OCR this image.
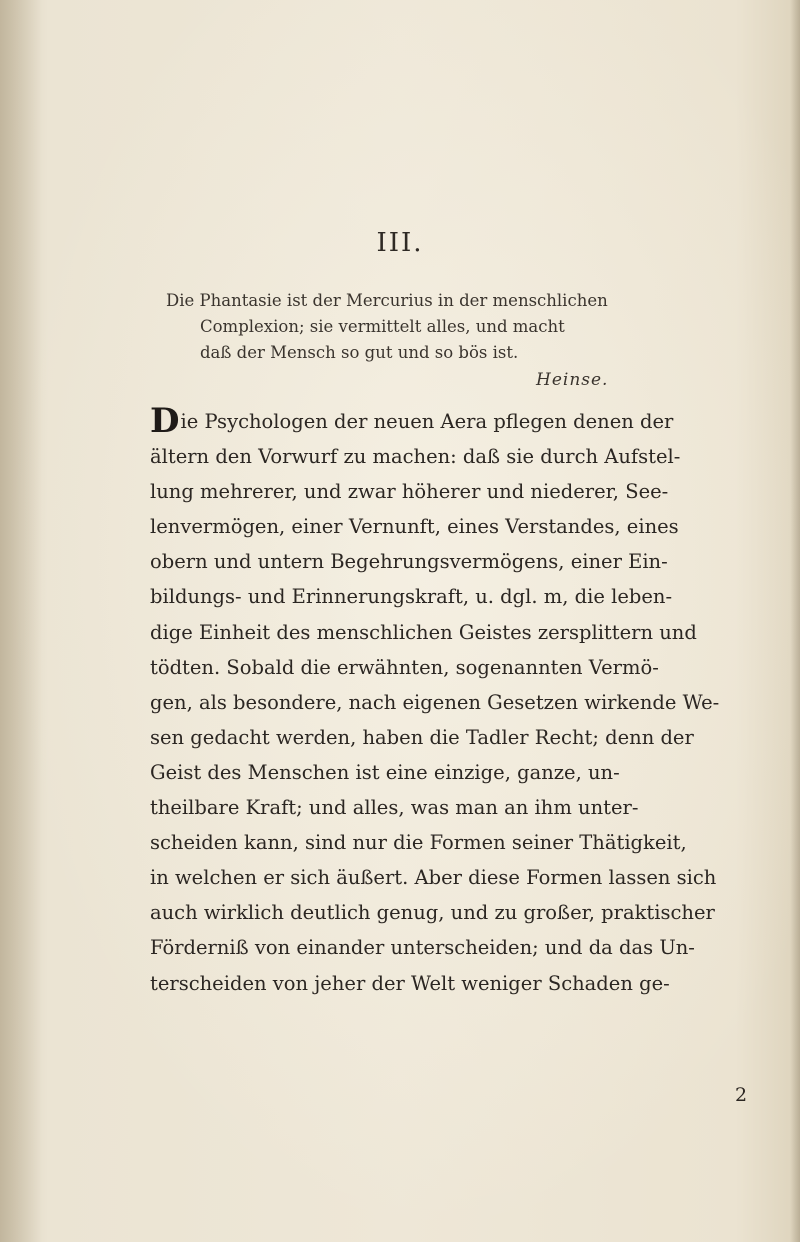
III.
Die Phantasie ist der Mercurius in der menschlichen
Complexion; sie vermittelt alles, und macht
daß der Mensch so gut und so bös ist.
Heinse.
Die Psychologen der neuen Aera pflegen denen der
ältern den Vorwurf zu machen: daß sie durch Aufstel-
lung mehrerer, und zwar höherer und niederer, See-
lenvermögen, einer Vernunft, eines Verstandes, eines
obern und untern Begehrungsvermögens, einer Ein-
bildungs- und Erinnerungskraft, u. dgl. m, die leben-
dige Einheit des menschlichen Geistes zersplittern und
tödten. Sobald die erwähnten, sogenannten Vermö-
gen, als besondere, nach eigenen Gesetzen wirkende We-
sen gedacht werden, haben die Tadler Recht; denn der
Geist des Menschen ist eine einzige, ganze, un-
theilbare Kraft; und alles, was man an ihm unter-
scheiden kann, sind nur die Formen seiner Thätigkeit,
in welchen er sich äußert. Aber diese Formen lassen sich
auch wirklich deutlich genug, und zu großer, praktischer
Förderniß von einander unterscheiden; und da das Un-
terscheiden von jeher der Welt weniger Schaden ge-
2
